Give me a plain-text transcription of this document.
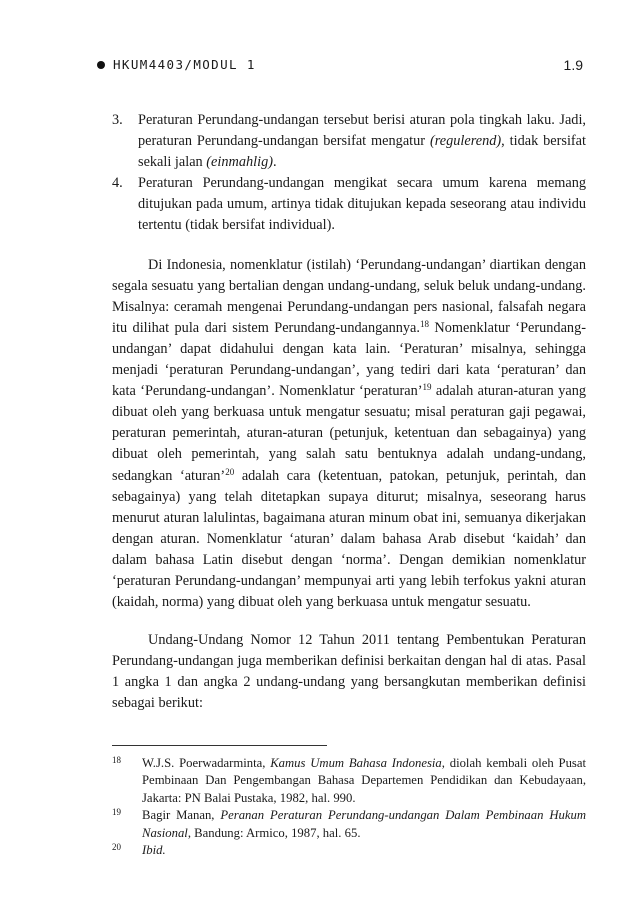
HKUM4403/MODUL 1	1.9
3. Peraturan Perundang-undangan tersebut berisi aturan pola tingkah laku. Jadi, peraturan Perundang-undangan bersifat mengatur (regulerend), tidak bersifat sekali jalan (einmahlig).
4. Peraturan Perundang-undangan mengikat secara umum karena memang ditujukan pada umum, artinya tidak ditujukan kepada seseorang atau individu tertentu (tidak bersifat individual).

Di Indonesia, nomenklatur (istilah) ‘Perundang-undangan’ diartikan dengan segala sesuatu yang bertalian dengan undang-undang, seluk beluk undang-undang. Misalnya: ceramah mengenai Perundang-undangan pers nasional, falsafah negara itu dilihat pula dari sistem Perundang-undangannya.$^{18}$ Nomenklatur ‘Perundang-undangan’ dapat didahului dengan kata lain. ‘Peraturan’ misalnya, sehingga menjadi ‘peraturan Perundang-undangan’, yang tediri dari kata ‘peraturan’ dan kata ‘Perundang-undangan’. Nomenklatur ‘peraturan’$^{19}$ adalah aturan-aturan yang dibuat oleh yang berkuasa untuk mengatur sesuatu; misal peraturan gaji pegawai, peraturan pemerintah, aturan-aturan (petunjuk, ketentuan dan sebagainya) yang dibuat oleh pemerintah, yang salah satu bentuknya adalah undang-undang, sedangkan ‘aturan’$^{20}$ adalah cara (ketentuan, patokan, petunjuk, perintah, dan sebagainya) yang telah ditetapkan supaya diturut; misalnya, seseorang harus menurut aturan lalulintas, bagaimana aturan minum obat ini, semuanya dikerjakan dengan aturan. Nomenklatur ‘aturan’ dalam bahasa Arab disebut ‘kaidah’ dan dalam bahasa Latin disebut dengan ‘norma’. Dengan demikian nomenklatur ‘peraturan Perundang-undangan’ mempunyai arti yang lebih terfokus yakni aturan (kaidah, norma) yang dibuat oleh yang berkuasa untuk mengatur sesuatu.

Undang-Undang Nomor 12 Tahun 2011 tentang Pembentukan Peraturan Perundang-undangan juga memberikan definisi berkaitan dengan hal di atas. Pasal 1 angka 1 dan angka 2 undang-undang yang bersangkutan memberikan definisi sebagai berikut:

18 W.J.S. Poerwadarminta, Kamus Umum Bahasa Indonesia, diolah kembali oleh Pusat Pembinaan Dan Pengembangan Bahasa Departemen Pendidikan dan Kebudayaan, Jakarta: PN Balai Pustaka, 1982, hal. 990.
19 Bagir Manan, Peranan Peraturan Perundang-undangan Dalam Pembinaan Hukum Nasional, Bandung: Armico, 1987, hal. 65.
20 Ibid.
